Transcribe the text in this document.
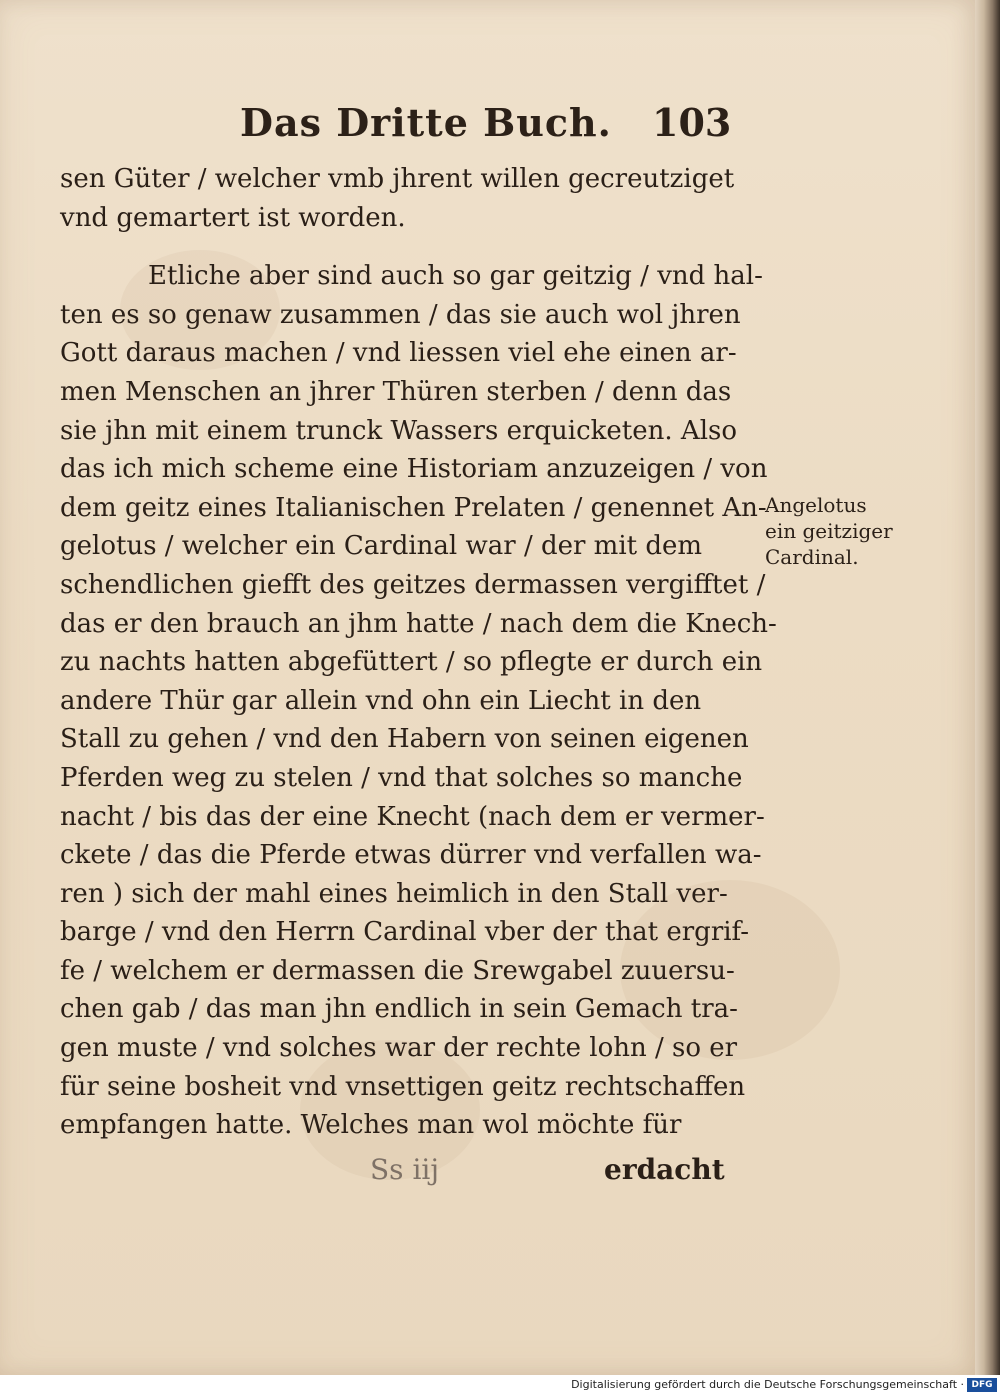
Das Dritte Buch. 103
sen Güter / welcher vmb jhrent willen gecreutziget
vnd gemartert ist worden.
Etliche aber sind auch so gar geitzig / vnd hal-
ten es so genaw zusammen / das sie auch wol jhren
Gott daraus machen / vnd liessen viel ehe einen ar-
men Menschen an jhrer Thüren sterben / denn das
sie jhn mit einem trunck Wassers erquicketen. Also
das ich mich scheme eine Historiam anzuzeigen / von
dem geitz eines Italianischen Prelaten / genennet An-
gelotus / welcher ein Cardinal war / der mit dem
schendlichen giefft des geitzes dermassen vergifftet /
das er den brauch an jhm hatte / nach dem die Knech-
zu nachts hatten abgefüttert / so pflegte er durch ein
andere Thür gar allein vnd ohn ein Liecht in den
Stall zu gehen / vnd den Habern von seinen eigenen
Pferden weg zu stelen / vnd that solches so manche
nacht / bis das der eine Knecht (nach dem er vermer-
ckete / das die Pferde etwas dürrer vnd verfallen wa-
ren ) sich der mahl eines heimlich in den Stall ver-
barge / vnd den Herrn Cardinal vber der that ergrif-
fe / welchem er dermassen die Srewgabel zuuersu-
chen gab / das man jhn endlich in sein Gemach tra-
gen muste / vnd solches war der rechte lohn / so er
für seine bosheit vnd vnsettigen geitz rechtschaffen
empfangen hatte. Welches man wol möchte für
Angelotus
ein geitziger
Cardinal.
Ss iij	erdacht
Digitalisierung gefördert durch die Deutsche Forschungsgemeinschaft · DFG
